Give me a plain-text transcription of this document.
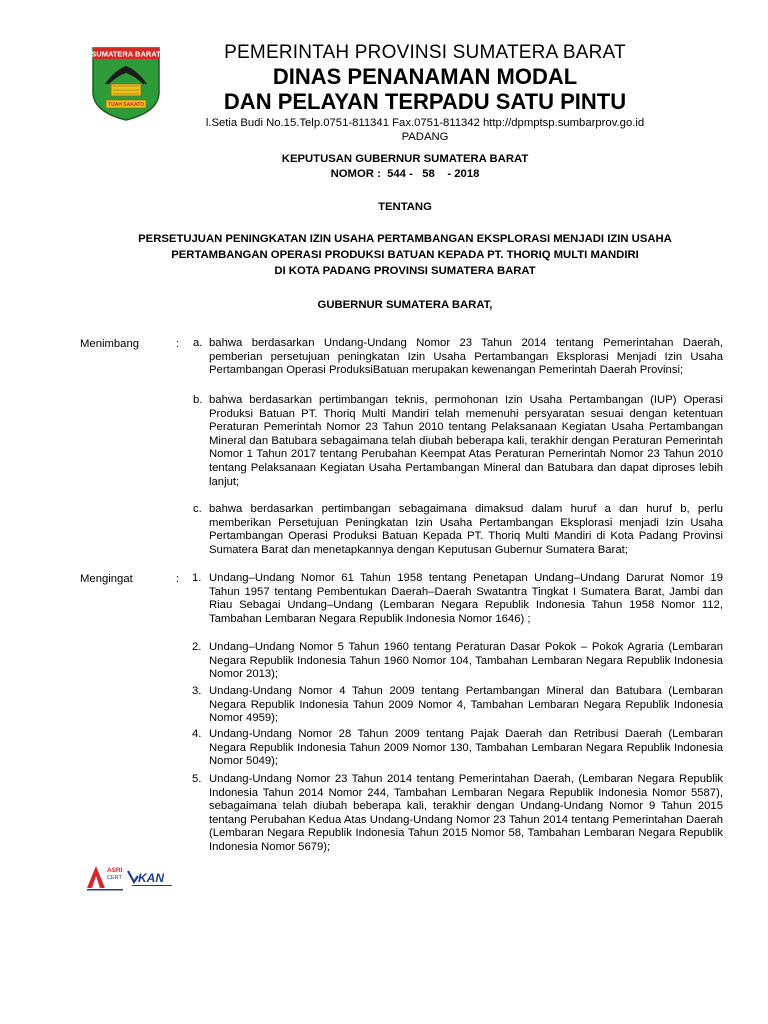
SUMATERA BARAT
TUAH SAKATO
PEMERINTAH PROVINSI SUMATERA BARAT
DINAS PENANAMAN MODAL
DAN PELAYAN TERPADU SATU PINTU
l.Setia Budi No.15.Telp.0751-811341 Fax.0751-811342 http://dpmptsp.sumbarprov.go.id
PADANG
KEPUTUSAN GUBERNUR SUMATERA BARAT
NOMOR :  544 -   58    - 2018
TENTANG
PERSETUJUAN PENINGKATAN IZIN USAHA PERTAMBANGAN EKSPLORASI MENJADI IZIN USAHA
PERTAMBANGAN OPERASI PRODUKSI BATUAN KEPADA PT. THORIQ MULTI MANDIRI
DI KOTA PADANG PROVINSI SUMATERA BARAT
GUBERNUR SUMATERA BARAT,
Menimbang	: a. bahwa berdasarkan Undang-Undang Nomor 23 Tahun 2014 tentang Pemerintahan Daerah, pemberian persetujuan peningkatan Izin Usaha Pertambangan Eksplorasi Menjadi Izin Usaha Pertambangan Operasi ProduksiBatuan merupakan kewenangan Pemerintah Daerah Provinsi;
b. bahwa berdasarkan pertimbangan teknis, permohonan Izin Usaha Pertambangan (IUP) Operasi Produksi Batuan PT. Thoriq Multi Mandiri telah memenuhi persyaratan sesuai dengan ketentuan Peraturan Pemerintah Nomor 23 Tahun 2010 tentang Pelaksanaan Kegiatan Usaha Pertambangan Mineral dan Batubara sebagaimana telah diubah beberapa kali, terakhir dengan Peraturan Pemerintah Nomor 1 Tahun 2017 tentang Perubahan Keempat Atas Peraturan Pemerintah Nomor 23 Tahun 2010 tentang Pelaksanaan Kegiatan Usaha Pertambangan Mineral dan Batubara dan dapat diproses lebih lanjut;
c. bahwa berdasarkan pertimbangan sebagaimana dimaksud dalam huruf a dan huruf b, perlu memberikan Persetujuan Peningkatan Izin Usaha Pertambangan Eksplorasi menjadi Izin Usaha Pertambangan Operasi Produksi Batuan Kepada PT. Thoriq Multi Mandiri di Kota Padang Provinsi Sumatera Barat dan menetapkannya dengan Keputusan Gubernur Sumatera Barat;
Mengingat	: 1. Undang–Undang Nomor 61 Tahun 1958 tentang Penetapan Undang–Undang Darurat Nomor 19 Tahun 1957 tentang Pembentukan Daerah–Daerah Swatantra Tingkat I Sumatera Barat, Jambi dan Riau Sebagai Undang–Undang (Lembaran Negara Republik Indonesia Tahun 1958 Nomor 112, Tambahan Lembaran Negara Republik Indonesia Nomor 1646) ;
2. Undang–Undang Nomor 5 Tahun 1960 tentang Peraturan Dasar Pokok – Pokok Agraria (Lembaran Negara Republik Indonesia Tahun 1960 Nomor 104, Tambahan Lembaran Negara Republik Indonesia Nomor 2013);
3. Undang-Undang Nomor 4 Tahun 2009 tentang Pertambangan Mineral dan Batubara (Lembaran Negara Republik Indonesia Tahun 2009 Nomor 4, Tambahan Lembaran Negara Republik Indonesia Nomor 4959);
4. Undang-Undang Nomor 28 Tahun 2009 tentang Pajak Daerah dan Retribusi Daerah (Lembaran Negara Republik Indonesia Tahun 2009 Nomor 130, Tambahan Lembaran Negara Republik Indonesia Nomor 5049);
5. Undang-Undang Nomor 23 Tahun 2014 tentang Pemerintahan Daerah, (Lembaran Negara Republik Indonesia Tahun 2014 Nomor 244, Tambahan Lembaran Negara Republik Indonesia Nomor 5587), sebagaimana telah diubah beberapa kali, terakhir dengan Undang-Undang Nomor 9 Tahun 2015 tentang Perubahan Kedua Atas Undang-Undang Nomor 23 Tahun 2014 tentang Pemerintahan Daerah (Lembaran Negara Republik Indonesia Tahun 2015 Nomor 58, Tambahan Lembaran Negara Republik Indonesia Nomor 5679);
ASRI
CERT KAN
